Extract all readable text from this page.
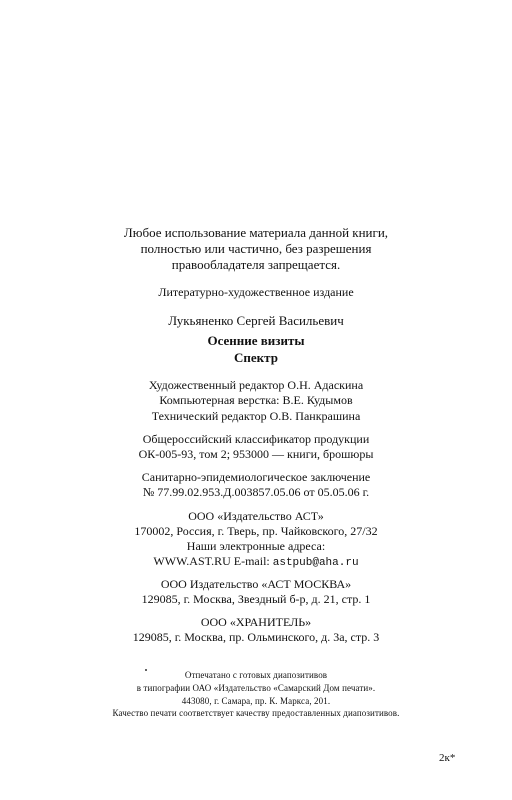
Любое использование материала данной книги,
полностью или частично, без разрешения
правообладателя запрещается.
Литературно-художественное издание
Лукьяненко Сергей Васильевич
Осенние визиты
Спектр
Художественный редактор О.Н. Адаскина
Компьютерная верстка: В.Е. Кудымов
Технический редактор О.В. Панкрашина
Общероссийский классификатор продукции
ОК-005-93, том 2; 953000 — книги, брошюры
Санитарно-эпидемиологическое заключение
№ 77.99.02.953.Д.003857.05.06 от 05.05.06 г.
ООО «Издательство АСТ»
170002, Россия, г. Тверь, пр. Чайковского, 27/32
Наши электронные адреса:
WWW.AST.RU E-mail: astpub@aha.ru
ООО Издательство «АСТ МОСКВА»
129085, г. Москва, Звездный б-р, д. 21, стр. 1
ООО «ХРАНИТЕЛЬ»
129085, г. Москва, пр. Ольминского, д. 3а, стр. 3
Отпечатано с готовых диапозитивов
в типографии ОАО «Издательство «Самарский Дом печати».
443080, г. Самара, пр. К. Маркса, 201.
Качество печати соответствует качеству предоставленных диапозитивов.
2к*
